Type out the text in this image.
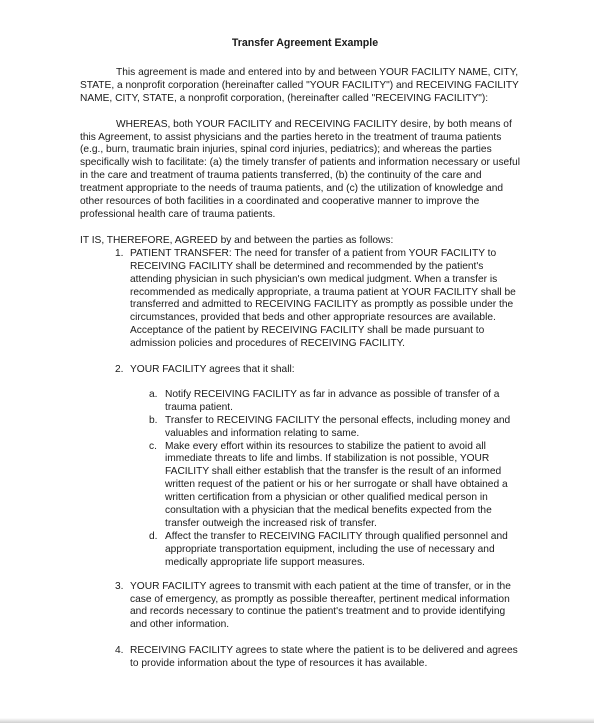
Transfer Agreement Example

This agreement is made and entered into by and between YOUR FACILITY NAME, CITY, STATE, a nonprofit corporation (hereinafter called "YOUR FACILITY") and RECEIVING FACILITY NAME, CITY, STATE, a nonprofit corporation, (hereinafter called "RECEIVING FACILITY"):

WHEREAS, both YOUR FACILITY and RECEIVING FACILITY desire, by both means of this Agreement, to assist physicians and the parties hereto in the treatment of trauma patients (e.g., burn, traumatic brain injuries, spinal cord injuries, pediatrics); and whereas the parties specifically wish to facilitate: (a) the timely transfer of patients and information necessary or useful in the care and treatment of trauma patients transferred, (b) the continuity of the care and treatment appropriate to the needs of trauma patients, and (c) the utilization of knowledge and other resources of both facilities in a coordinated and cooperative manner to improve the professional health care of trauma patients.

IT IS, THEREFORE, AGREED by and between the parties as follows:

1. PATIENT TRANSFER: The need for transfer of a patient from YOUR FACILITY to RECEIVING FACILITY shall be determined and recommended by the patient's attending physician in such physician's own medical judgment. When a transfer is recommended as medically appropriate, a trauma patient at YOUR FACILITY shall be transferred and admitted to RECEIVING FACILITY as promptly as possible under the circumstances, provided that beds and other appropriate resources are available. Acceptance of the patient by RECEIVING FACILITY shall be made pursuant to admission policies and procedures of RECEIVING FACILITY.
2. YOUR FACILITY agrees that it shall:
a. Notify RECEIVING FACILITY as far in advance as possible of transfer of a trauma patient.
b. Transfer to RECEIVING FACILITY the personal effects, including money and valuables and information relating to same.
c. Make every effort within its resources to stabilize the patient to avoid all immediate threats to life and limbs. If stabilization is not possible, YOUR FACILITY shall either establish that the transfer is the result of an informed written request of the patient or his or her surrogate or shall have obtained a written certification from a physician or other qualified medical person in consultation with a physician that the medical benefits expected from the transfer outweigh the increased risk of transfer.
d. Affect the transfer to RECEIVING FACILITY through qualified personnel and appropriate transportation equipment, including the use of necessary and medically appropriate life support measures.
3. YOUR FACILITY agrees to transmit with each patient at the time of transfer, or in the case of emergency, as promptly as possible thereafter, pertinent medical information and records necessary to continue the patient's treatment and to provide identifying and other information.
4. RECEIVING FACILITY agrees to state where the patient is to be delivered and agrees to provide information about the type of resources it has available.
